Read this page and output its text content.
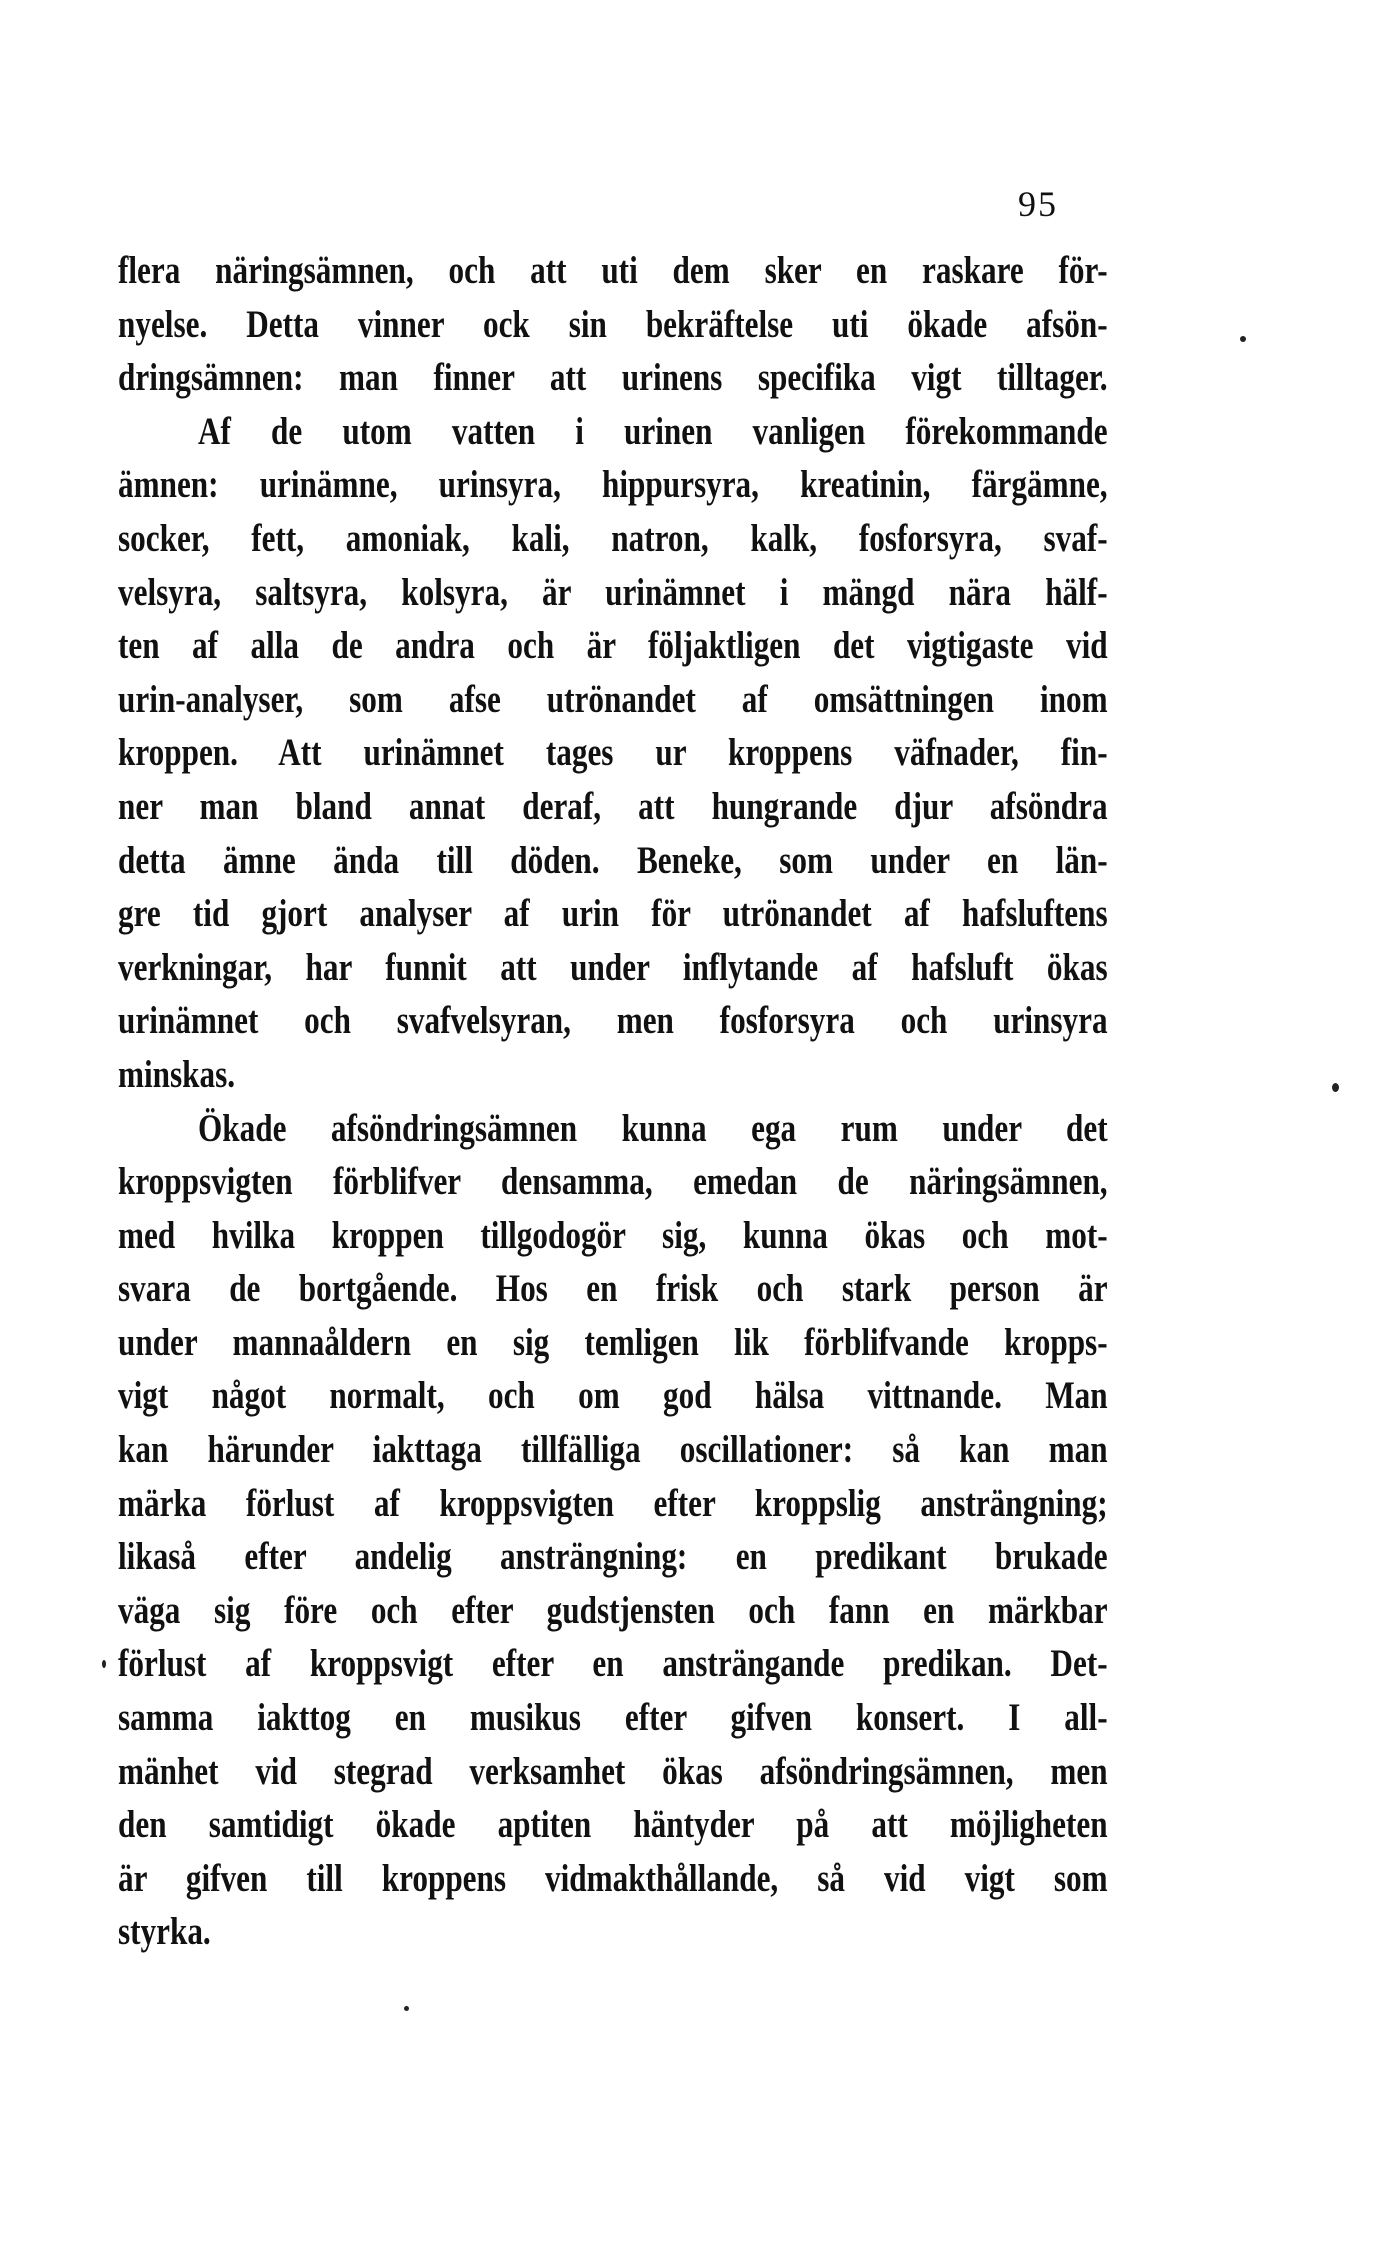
95
flera näringsämnen, och att uti dem sker en raskare för-
nyelse. Detta vinner ock sin bekräftelse uti ökade afsön-
dringsämnen: man finner att urinens specifika vigt tilltager.
Af de utom vatten i urinen vanligen förekommande
ämnen: urinämne, urinsyra, hippursyra, kreatinin, färgämne,
socker, fett, amoniak, kali, natron, kalk, fosforsyra, svaf-
velsyra, saltsyra, kolsyra, är urinämnet i mängd nära hälf-
ten af alla de andra och är följaktligen det vigtigaste vid
urin-analyser, som afse utrönandet af omsättningen inom
kroppen. Att urinämnet tages ur kroppens väfnader, fin-
ner man bland annat deraf, att hungrande djur afsöndra
detta ämne ända till döden. Beneke, som under en län-
gre tid gjort analyser af urin för utrönandet af hafsluftens
verkningar, har funnit att under inflytande af hafsluft ökas
urinämnet och svafvelsyran, men fosforsyra och urinsyra
minskas.
Ökade afsöndringsämnen kunna ega rum under det
kroppsvigten förblifver densamma, emedan de näringsämnen,
med hvilka kroppen tillgodogör sig, kunna ökas och mot-
svara de bortgående. Hos en frisk och stark person är
under mannaåldern en sig temligen lik förblifvande kropps-
vigt något normalt, och om god hälsa vittnande. Man
kan härunder iakttaga tillfälliga oscillationer: så kan man
märka förlust af kroppsvigten efter kroppslig ansträngning;
likaså efter andelig ansträngning: en predikant brukade
väga sig före och efter gudstjensten och fann en märkbar
förlust af kroppsvigt efter en ansträngande predikan. Det-
samma iakttog en musikus efter gifven konsert. I all-
mänhet vid stegrad verksamhet ökas afsöndringsämnen, men
den samtidigt ökade aptiten häntyder på att möjligheten
är gifven till kroppens vidmakthållande, så vid vigt som
styrka.
